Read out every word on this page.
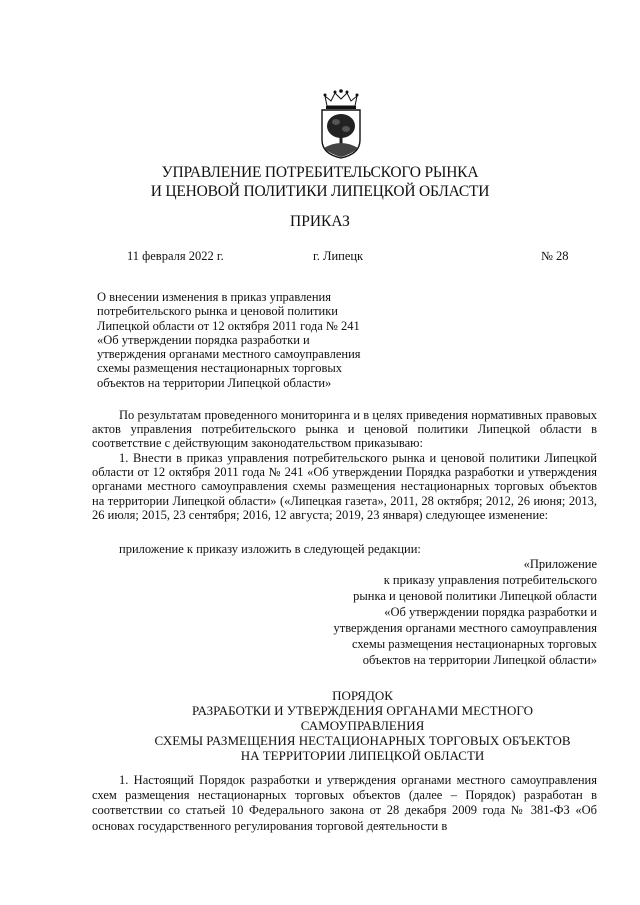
УПРАВЛЕНИЕ ПОТРЕБИТЕЛЬСКОГО РЫНКА
И ЦЕНОВОЙ ПОЛИТИКИ ЛИПЕЦКОЙ ОБЛАСТИ
ПРИКАЗ
11 февраля 2022 г.	г. Липецк	№ 28
О внесении изменения в приказ управления
потребительского рынка и ценовой политики
Липецкой области от 12 октября 2011 года № 241
«Об утверждении порядка разработки и
утверждения органами местного самоуправления
схемы размещения нестационарных торговых
объектов на территории Липецкой области»
По результатам проведенного мониторинга и в целях приведения нормативных правовых актов управления потребительского рынка и ценовой политики Липецкой области в соответствие с действующим законодательством приказываю:
1. Внести в приказ управления потребительского рынка и ценовой политики Липецкой области от 12 октября 2011 года № 241 «Об утверждении Порядка разработки и утверждения органами местного самоуправления схемы размещения нестационарных торговых объектов на территории Липецкой области» («Липецкая газета», 2011, 28 октября; 2012, 26 июня; 2013, 26 июля; 2015, 23 сентября; 2016, 12 августа; 2019, 23 января) следующее изменение:
приложение к приказу изложить в следующей редакции:
«Приложение
к приказу управления потребительского
рынка и ценовой политики Липецкой области
«Об утверждении порядка разработки и
утверждения органами местного самоуправления
схемы размещения нестационарных торговых
объектов на территории Липецкой области»
ПОРЯДОК
РАЗРАБОТКИ И УТВЕРЖДЕНИЯ ОРГАНАМИ МЕСТНОГО
САМОУПРАВЛЕНИЯ
СХЕМЫ РАЗМЕЩЕНИЯ НЕСТАЦИОНАРНЫХ ТОРГОВЫХ ОБЪЕКТОВ
НА ТЕРРИТОРИИ ЛИПЕЦКОЙ ОБЛАСТИ
1. Настоящий Порядок разработки и утверждения органами местного самоуправления схем размещения нестационарных торговых объектов (далее – Порядок) разработан в соответствии со статьей 10 Федерального закона от 28 декабря 2009 года № 381-ФЗ «Об основах государственного регулирования торговой деятельности в
